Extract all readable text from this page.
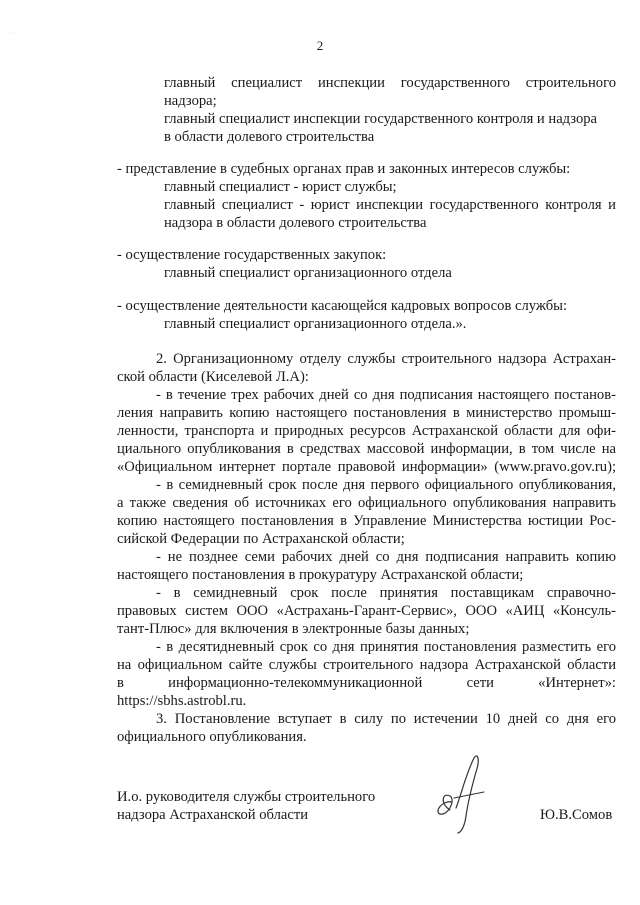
· ·
2
главный специалист инспекции государственного строительного
надзора;
главный специалист инспекции государственного контроля и надзора
в области долевого строительства
- представление в судебных органах прав и законных интересов службы:
главный специалист - юрист службы;
главный специалист - юрист инспекции государственного контроля и
надзора в области долевого строительства
- осуществление государственных закупок:
главный специалист организационного отдела
- осуществление деятельности касающейся кадровых вопросов службы:
главный специалист организационного отдела.».
2. Организационному отделу службы строительного надзора Астрахан-
ской области (Киселевой Л.А):
- в течение трех рабочих дней со дня подписания настоящего постанов-
ления направить копию настоящего постановления в министерство промыш-
ленности, транспорта и природных ресурсов Астраханской области для офи-
циального опубликования в средствах массовой информации, в том числе на
«Официальном интернет портале правовой информации» (www.pravo.gov.ru);
- в семидневный срок после дня первого официального опубликования,
а также сведения об источниках его официального опубликования направить
копию настоящего постановления в Управление Министерства юстиции Рос-
сийской Федерации по Астраханской области;
- не позднее семи рабочих дней со дня подписания направить копию
настоящего постановления в прокуратуру Астраханской области;
- в семидневный срок после принятия поставщикам справочно-
правовых систем ООО «Астрахань-Гарант-Сервис», ООО «АИЦ «Консуль-
тант-Плюс» для включения в электронные базы данных;
- в десятидневный срок со дня принятия постановления разместить его
на официальном сайте службы строительного надзора Астраханской области
в информационно-телекоммуникационной сети «Интернет»:
https://sbhs.astrobl.ru.
3. Постановление вступает в силу по истечении 10 дней со дня его
официального опубликования.
И.о. руководителя службы строительного
надзора Астраханской области	Ю.В.Сомов
